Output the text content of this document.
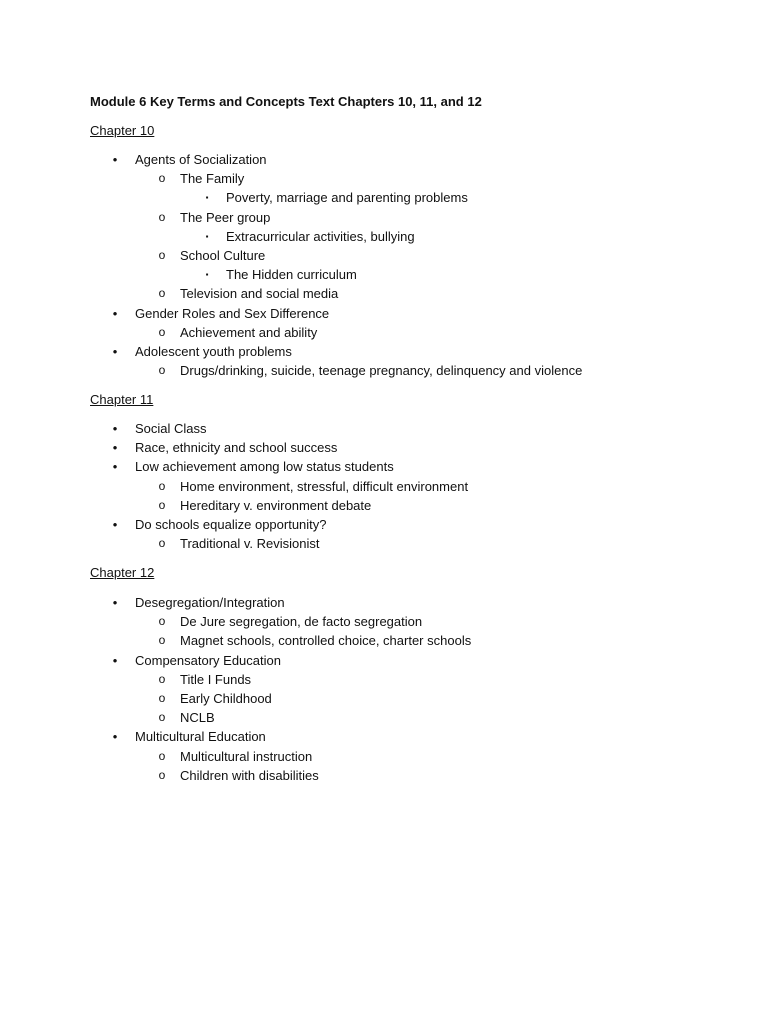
Module 6 Key Terms and Concepts Text Chapters 10, 11, and 12
Chapter 10
•	Agents of Socialization
o The Family
▪	Poverty, marriage and parenting problems
o The Peer group
▪	Extracurricular activities, bullying
o School Culture
▪	The Hidden curriculum
o Television and social media
•	Gender Roles and Sex Difference
o Achievement and ability
•	Adolescent youth problems
o Drugs/drinking, suicide, teenage pregnancy, delinquency and violence
Chapter 11
•	Social Class
•	Race, ethnicity and school success
•	Low achievement among low status students
o Home environment, stressful, difficult environment
o Hereditary v. environment debate
•	Do schools equalize opportunity?
o Traditional v. Revisionist
Chapter 12
•	Desegregation/Integration
o De Jure segregation, de facto segregation
o Magnet schools, controlled choice, charter schools
•	Compensatory Education
o Title I Funds
o Early Childhood
o NCLB
•	Multicultural Education
o Multicultural instruction
o Children with disabilities
